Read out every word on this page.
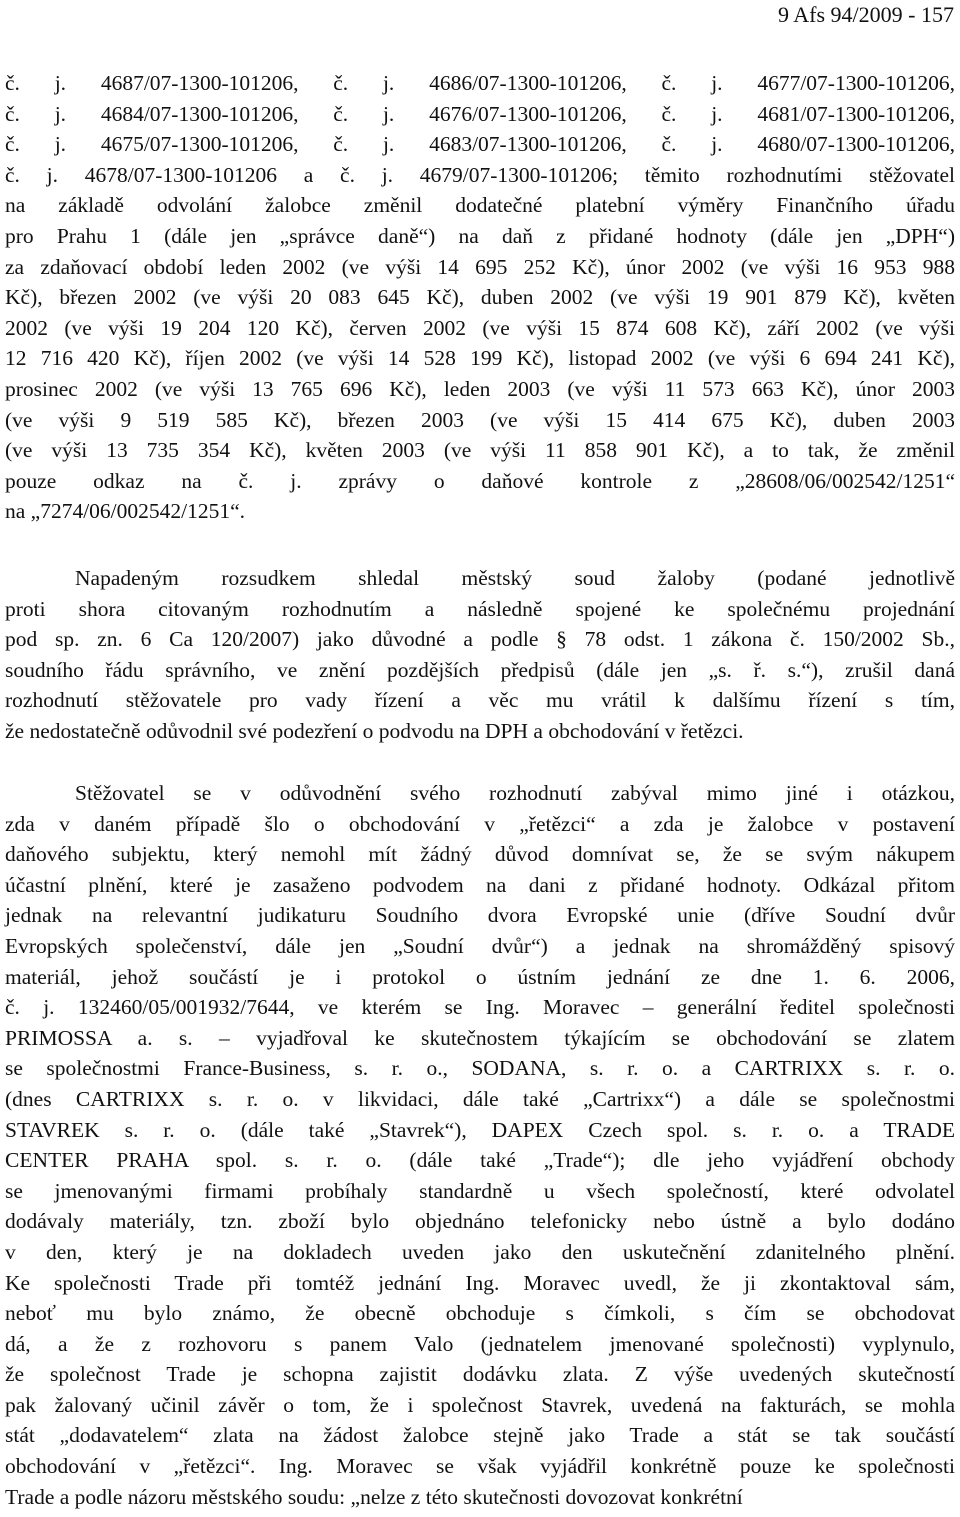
9 Afs 94/2009 - 157
č. j. 4687/07-1300-101206, č. j. 4686/07-1300-101206, č. j. 4677/07-1300-101206,
č. j. 4684/07-1300-101206, č. j. 4676/07-1300-101206, č. j. 4681/07-1300-101206,
č. j. 4675/07-1300-101206, č. j. 4683/07-1300-101206, č. j. 4680/07-1300-101206,
č. j. 4678/07-1300-101206 a č. j. 4679/07-1300-101206; těmito rozhodnutími stěžovatel
na základě odvolání žalobce změnil dodatečné platební výměry Finančního úřadu
pro Prahu 1 (dále jen „správce daně“) na daň z přidané hodnoty (dále jen „DPH“)
za zdaňovací období leden 2002 (ve výši 14 695 252 Kč), únor 2002 (ve výši 16 953 988
Kč), březen 2002 (ve výši 20 083 645 Kč), duben 2002 (ve výši 19 901 879 Kč), květen
2002 (ve výši 19 204 120 Kč), červen 2002 (ve výši 15 874 608 Kč), září 2002 (ve výši
12 716 420 Kč), říjen 2002 (ve výši 14 528 199 Kč), listopad 2002 (ve výši 6 694 241 Kč),
prosinec 2002 (ve výši 13 765 696 Kč), leden 2003 (ve výši 11 573 663 Kč), únor 2003
(ve výši 9 519 585 Kč), březen 2003 (ve výši 15 414 675 Kč), duben 2003
(ve výši 13 735 354 Kč), květen 2003 (ve výši 11 858 901 Kč), a to tak, že změnil
pouze odkaz na č. j. zprávy o daňové kontrole z „28608/06/002542/1251“
na „7274/06/002542/1251“.
Napadeným rozsudkem shledal městský soud žaloby (podané jednotlivě
proti shora citovaným rozhodnutím a následně spojené ke společnému projednání
pod sp. zn. 6 Ca 120/2007) jako důvodné a podle § 78 odst. 1 zákona č. 150/2002 Sb.,
soudního řádu správního, ve znění pozdějších předpisů (dále jen „s. ř. s.“), zrušil daná
rozhodnutí stěžovatele pro vady řízení a věc mu vrátil k dalšímu řízení s tím,
že nedostatečně odůvodnil své podezření o podvodu na DPH a obchodování v řetězci.
Stěžovatel se v odůvodnění svého rozhodnutí zabýval mimo jiné i otázkou,
zda v daném případě šlo o obchodování v „řetězci“ a zda je žalobce v postavení
daňového subjektu, který nemohl mít žádný důvod domnívat se, že se svým nákupem
účastní plnění, které je zasaženo podvodem na dani z přidané hodnoty. Odkázal přitom
jednak na relevantní judikaturu Soudního dvora Evropské unie (dříve Soudní dvůr
Evropských společenství, dále jen „Soudní dvůr“) a jednak na shromážděný spisový
materiál, jehož součástí je i protokol o ústním jednání ze dne 1. 6. 2006,
č. j. 132460/05/001932/7644, ve kterém se Ing. Moravec – generální ředitel společnosti
PRIMOSSA a. s. – vyjadřoval ke skutečnostem týkajícím se obchodování se zlatem
se společnostmi France-Business, s. r. o., SODANA, s. r. o. a CARTRIXX s. r. o.
(dnes CARTRIXX s. r. o. v likvidaci, dále také „Cartrixx“) a dále se společnostmi
STAVREK s. r. o. (dále také „Stavrek“), DAPEX Czech spol. s. r. o. a TRADE
CENTER PRAHA spol. s. r. o. (dále také „Trade“); dle jeho vyjádření obchody
se jmenovanými firmami probíhaly standardně u všech společností, které odvolatel
dodávaly materiály, tzn. zboží bylo objednáno telefonicky nebo ústně a bylo dodáno
v den, který je na dokladech uveden jako den uskutečnění zdanitelného plnění.
Ke společnosti Trade při tomtéž jednání Ing. Moravec uvedl, že ji zkontaktoval sám,
neboť mu bylo známo, že obecně obchoduje s čímkoli, s čím se obchodovat
dá, a že z rozhovoru s panem Valo (jednatelem jmenované společnosti) vyplynulo,
že společnost Trade je schopna zajistit dodávku zlata. Z výše uvedených skutečností
pak žalovaný učinil závěr o tom, že i společnost Stavrek, uvedená na fakturách, se mohla
stát „dodavatelem“ zlata na žádost žalobce stejně jako Trade a stát se tak součástí
obchodování v „řetězci“. Ing. Moravec se však vyjádřil konkrétně pouze ke společnosti
Trade a podle názoru městského soudu: „nelze z této skutečnosti dovozovat konkrétní
